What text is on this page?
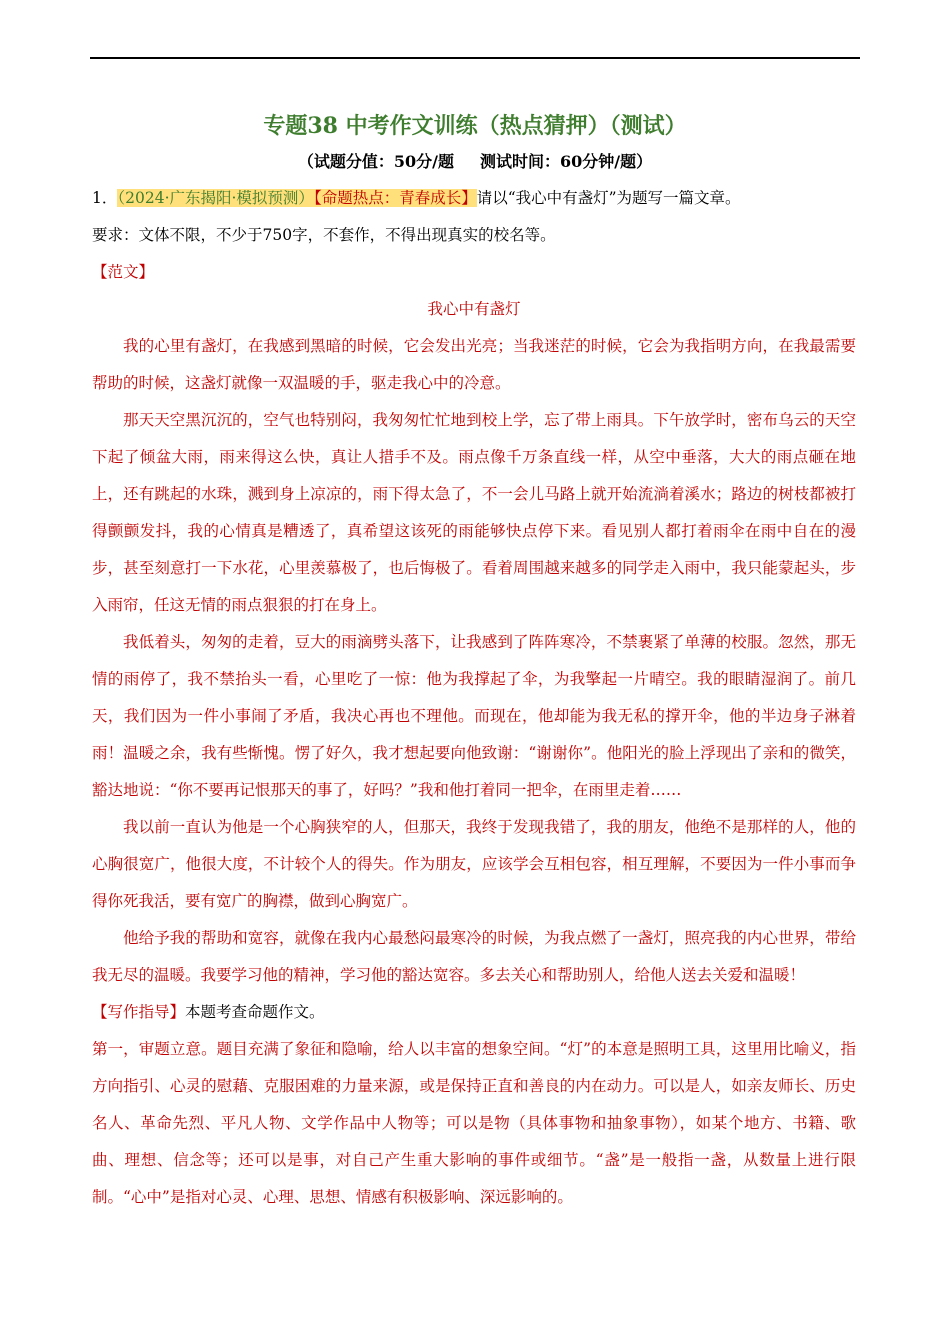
专题38 中考作文训练（热点猜押）（测试）
（试题分值：50分/题 测试时间：60分钟/题）

1．（2024·广东揭阳·模拟预测）【命题热点：青春成长】请以“我心中有盏灯”为题写一篇文章。

要求：文体不限，不少于750字，不套作，不得出现真实的校名等。

【范文】

我心中有盏灯

我的心里有盏灯，在我感到黑暗的时候，它会发出光亮；当我迷茫的时候，它会为我指明方向，在我最需要帮助的时候，这盏灯就像一双温暖的手，驱走我心中的冷意。

那天天空黑沉沉的，空气也特别闷，我匆匆忙忙地到校上学，忘了带上雨具。下午放学时，密布乌云的天空下起了倾盆大雨，雨来得这么快，真让人措手不及。雨点像千万条直线一样，从空中垂落，大大的雨点砸在地上，还有跳起的水珠，溅到身上凉凉的，雨下得太急了，不一会儿马路上就开始流淌着溪水；路边的树枝都被打得颤颤发抖，我的心情真是糟透了，真希望这该死的雨能够快点停下来。看见别人都打着雨伞在雨中自在的漫步，甚至刻意打一下水花，心里羡慕极了，也后悔极了。看着周围越来越多的同学走入雨中，我只能蒙起头，步入雨帘，任这无情的雨点狠狠的打在身上。

我低着头，匆匆的走着，豆大的雨滴劈头落下，让我感到了阵阵寒冷，不禁裹紧了单薄的校服。忽然，那无情的雨停了，我不禁抬头一看，心里吃了一惊：他为我撑起了伞，为我擎起一片晴空。我的眼睛湿润了。前几天，我们因为一件小事闹了矛盾，我决心再也不理他。而现在，他却能为我无私的撑开伞，他的半边身子淋着雨！温暖之余，我有些惭愧。愣了好久，我才想起要向他致谢：“谢谢你”。他阳光的脸上浮现出了亲和的微笑，豁达地说：“你不要再记恨那天的事了，好吗？”我和他打着同一把伞，在雨里走着……

我以前一直认为他是一个心胸狭窄的人，但那天，我终于发现我错了，我的朋友，他绝不是那样的人，他的心胸很宽广，他很大度，不计较个人的得失。作为朋友，应该学会互相包容，相互理解，不要因为一件小事而争得你死我活，要有宽广的胸襟，做到心胸宽广。

他给予我的帮助和宽容，就像在我内心最愁闷最寒冷的时候，为我点燃了一盏灯，照亮我的内心世界，带给我无尽的温暖。我要学习他的精神，学习他的豁达宽容。多去关心和帮助别人，给他人送去关爱和温暖！

【写作指导】本题考查命题作文。

第一，审题立意。题目充满了象征和隐喻，给人以丰富的想象空间。“灯”的本意是照明工具，这里用比喻义，指方向指引、心灵的慰藉、克服困难的力量来源，或是保持正直和善良的内在动力。可以是人，如亲友师长、历史名人、革命先烈、平凡人物、文学作品中人物等；可以是物（具体事物和抽象事物），如某个地方、书籍、歌曲、理想、信念等；还可以是事，对自己产生重大影响的事件或细节。“盏”是一般指一盏，从数量上进行限制。“心中”是指对心灵、心理、思想、情感有积极影响、深远影响的。
